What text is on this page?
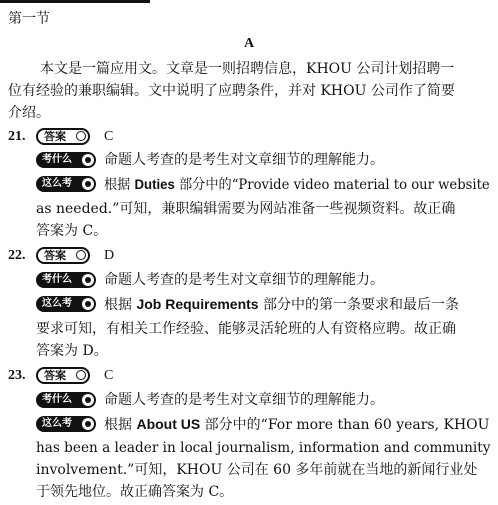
第一节
A
本文是一篇应用文。文章是一则招聘信息，KHOU 公司计划招聘一
位有经验的兼职编辑。文中说明了应聘条件，并对 KHOU 公司作了简要
介绍。
21.	答案	C
考什么	命题人考查的是考生对文章细节的理解能力。
这么考	根据 Duties 部分中的“Provide video material to our website
as needed.”可知，兼职编辑需要为网站准备一些视频资料。故正确
答案为 C。
22.	答案	D
考什么	命题人考查的是考生对文章细节的理解能力。
这么考	根据 Job Requirements 部分中的第一条要求和最后一条
要求可知，有相关工作经验、能够灵活轮班的人有资格应聘。故正确
答案为 D。
23.	答案	C
考什么	命题人考查的是考生对文章细节的理解能力。
这么考	根据 About US 部分中的“For more than 60 years, KHOU
has been a leader in local journalism, information and community
involvement.”可知，KHOU 公司在 60 多年前就在当地的新闻行业处
于领先地位。故正确答案为 C。
